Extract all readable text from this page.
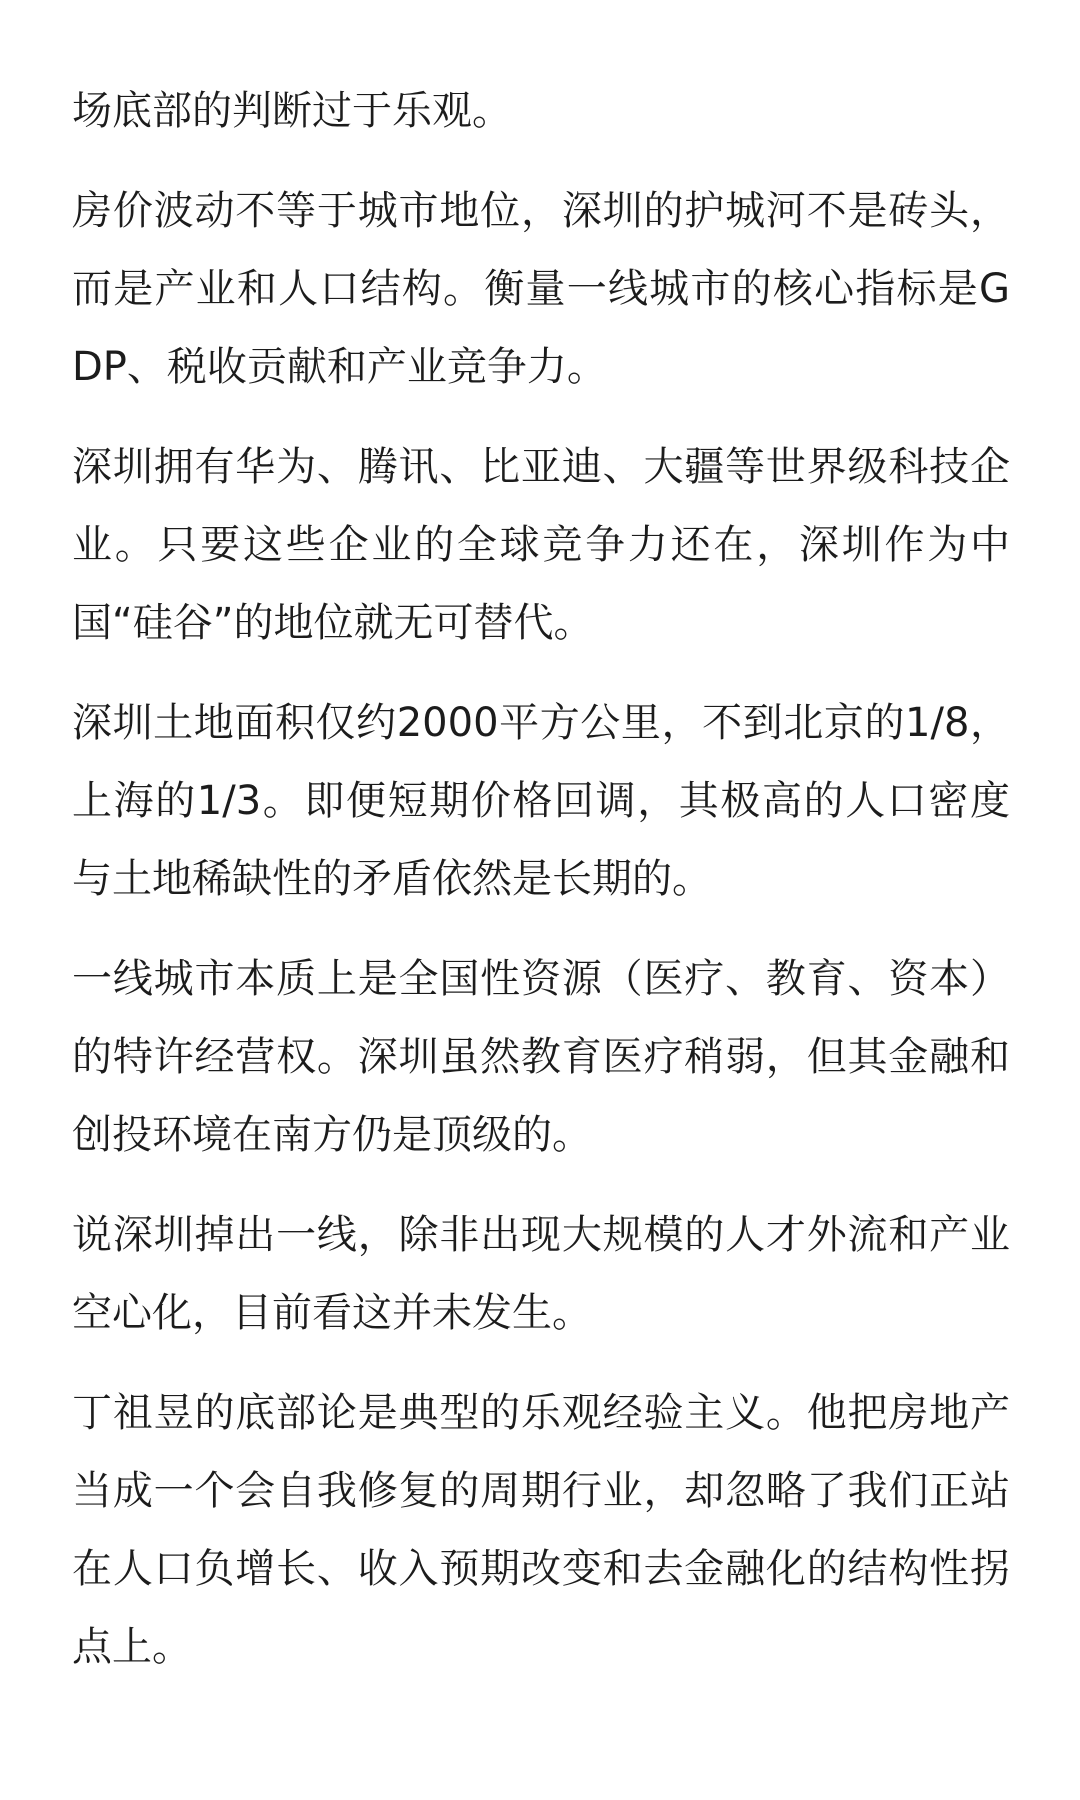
场底部的判断过于乐观。

房价波动不等于城市地位，深圳的护城河不是砖头，而是产业和人口结构。衡量一线城市的核心指标是GDP、税收贡献和产业竞争力。

深圳拥有华为、腾讯、比亚迪、大疆等世界级科技企业。只要这些企业的全球竞争力还在，深圳作为中国“硅谷”的地位就无可替代。

深圳土地面积仅约2000平方公里，不到北京的1/8，上海的1/3。即便短期价格回调，其极高的人口密度与土地稀缺性的矛盾依然是长期的。

一线城市本质上是全国性资源（医疗、教育、资本）的特许经营权。深圳虽然教育医疗稍弱，但其金融和创投环境在南方仍是顶级的。

说深圳掉出一线，除非出现大规模的人才外流和产业空心化，目前看这并未发生。

丁祖昱的底部论是典型的乐观经验主义。他把房地产当成一个会自我修复的周期行业，却忽略了我们正站在人口负增长、收入预期改变和去金融化的结构性拐点上。
